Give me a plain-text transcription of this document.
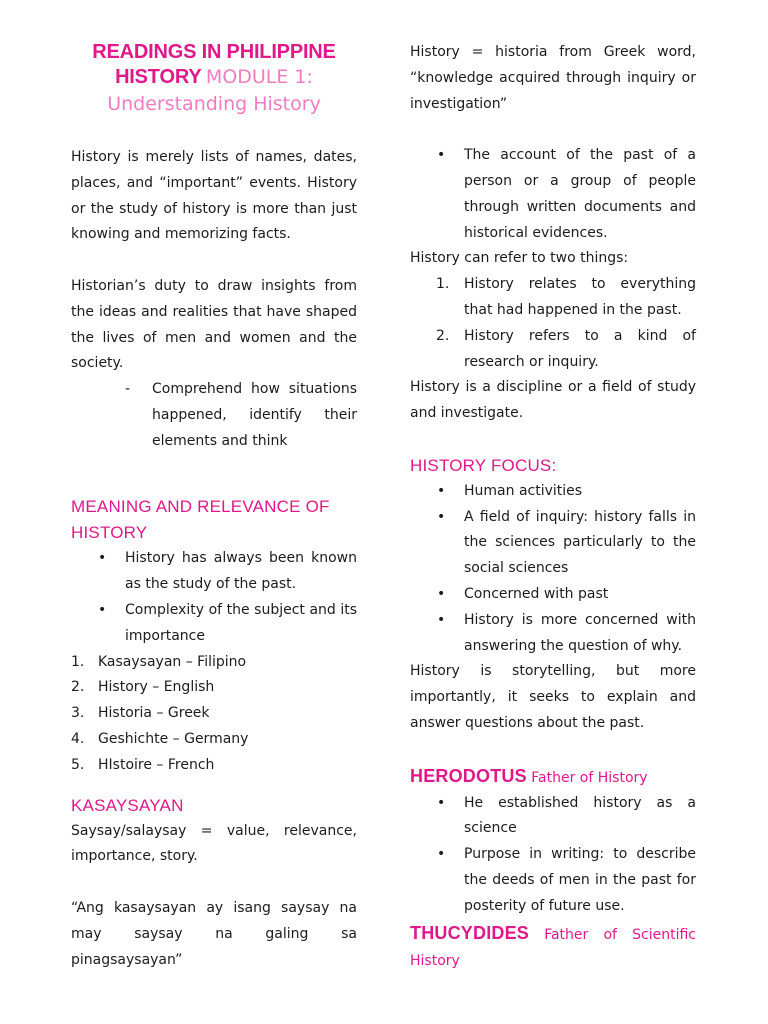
READINGS IN PHILIPPINE
HISTORY MODULE 1:
Understanding History

History is merely lists of names, dates, places, and “important” events. History or the study of history is more than just knowing and memorizing facts.

Historian’s duty to draw insights from the ideas and realities that have shaped the lives of men and women and the society.

- Comprehend how situations happened, identify their elements and think

MEANING AND RELEVANCE OF HISTORY

• History has always been known as the study of the past.
• Complexity of the subject and its importance
1. Kasaysayan – Filipino
2. History – English
3. Historia – Greek
4. Geshichte – Germany
5. HIstoire – French

KASAYSAYAN

Saysay/salaysay = value, relevance, importance, story.

“Ang kasaysayan ay isang saysay na may saysay na galing sa pinagsaysayan”

History = historia from Greek word, “knowledge acquired through inquiry or investigation”

• The account of the past of a person or a group of people through written documents and historical evidences.

History can refer to two things:

1. History relates to everything that had happened in the past.
2. History refers to a kind of research or inquiry.

History is a discipline or a field of study and investigate.

HISTORY FOCUS:

• Human activities
• A field of inquiry: history falls in the sciences particularly to the social sciences
• Concerned with past
• History is more concerned with answering the question of why.

History is storytelling, but more importantly, it seeks to explain and answer questions about the past.

HERODOTUS Father of History

• He established history as a science
• Purpose in writing: to describe the deeds of men in the past for posterity of future use.

THUCYDIDES Father of Scientific History
